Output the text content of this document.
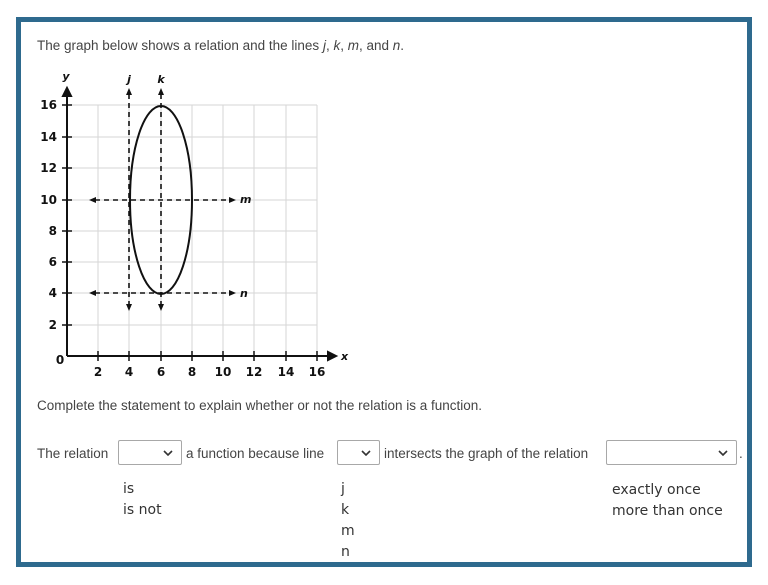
The graph below shows a relation and the lines j, k, m, and n.
2 4 6 8 10 12 14 16
2
4
6
8
10
12
14
16
0
y
x
j k
m
n
Complete the statement to explain whether or not the relation is a function.
The relation	a function because line	intersects the graph of the relation	.
is
is not
j
k
m
n
exactly once
more than once
